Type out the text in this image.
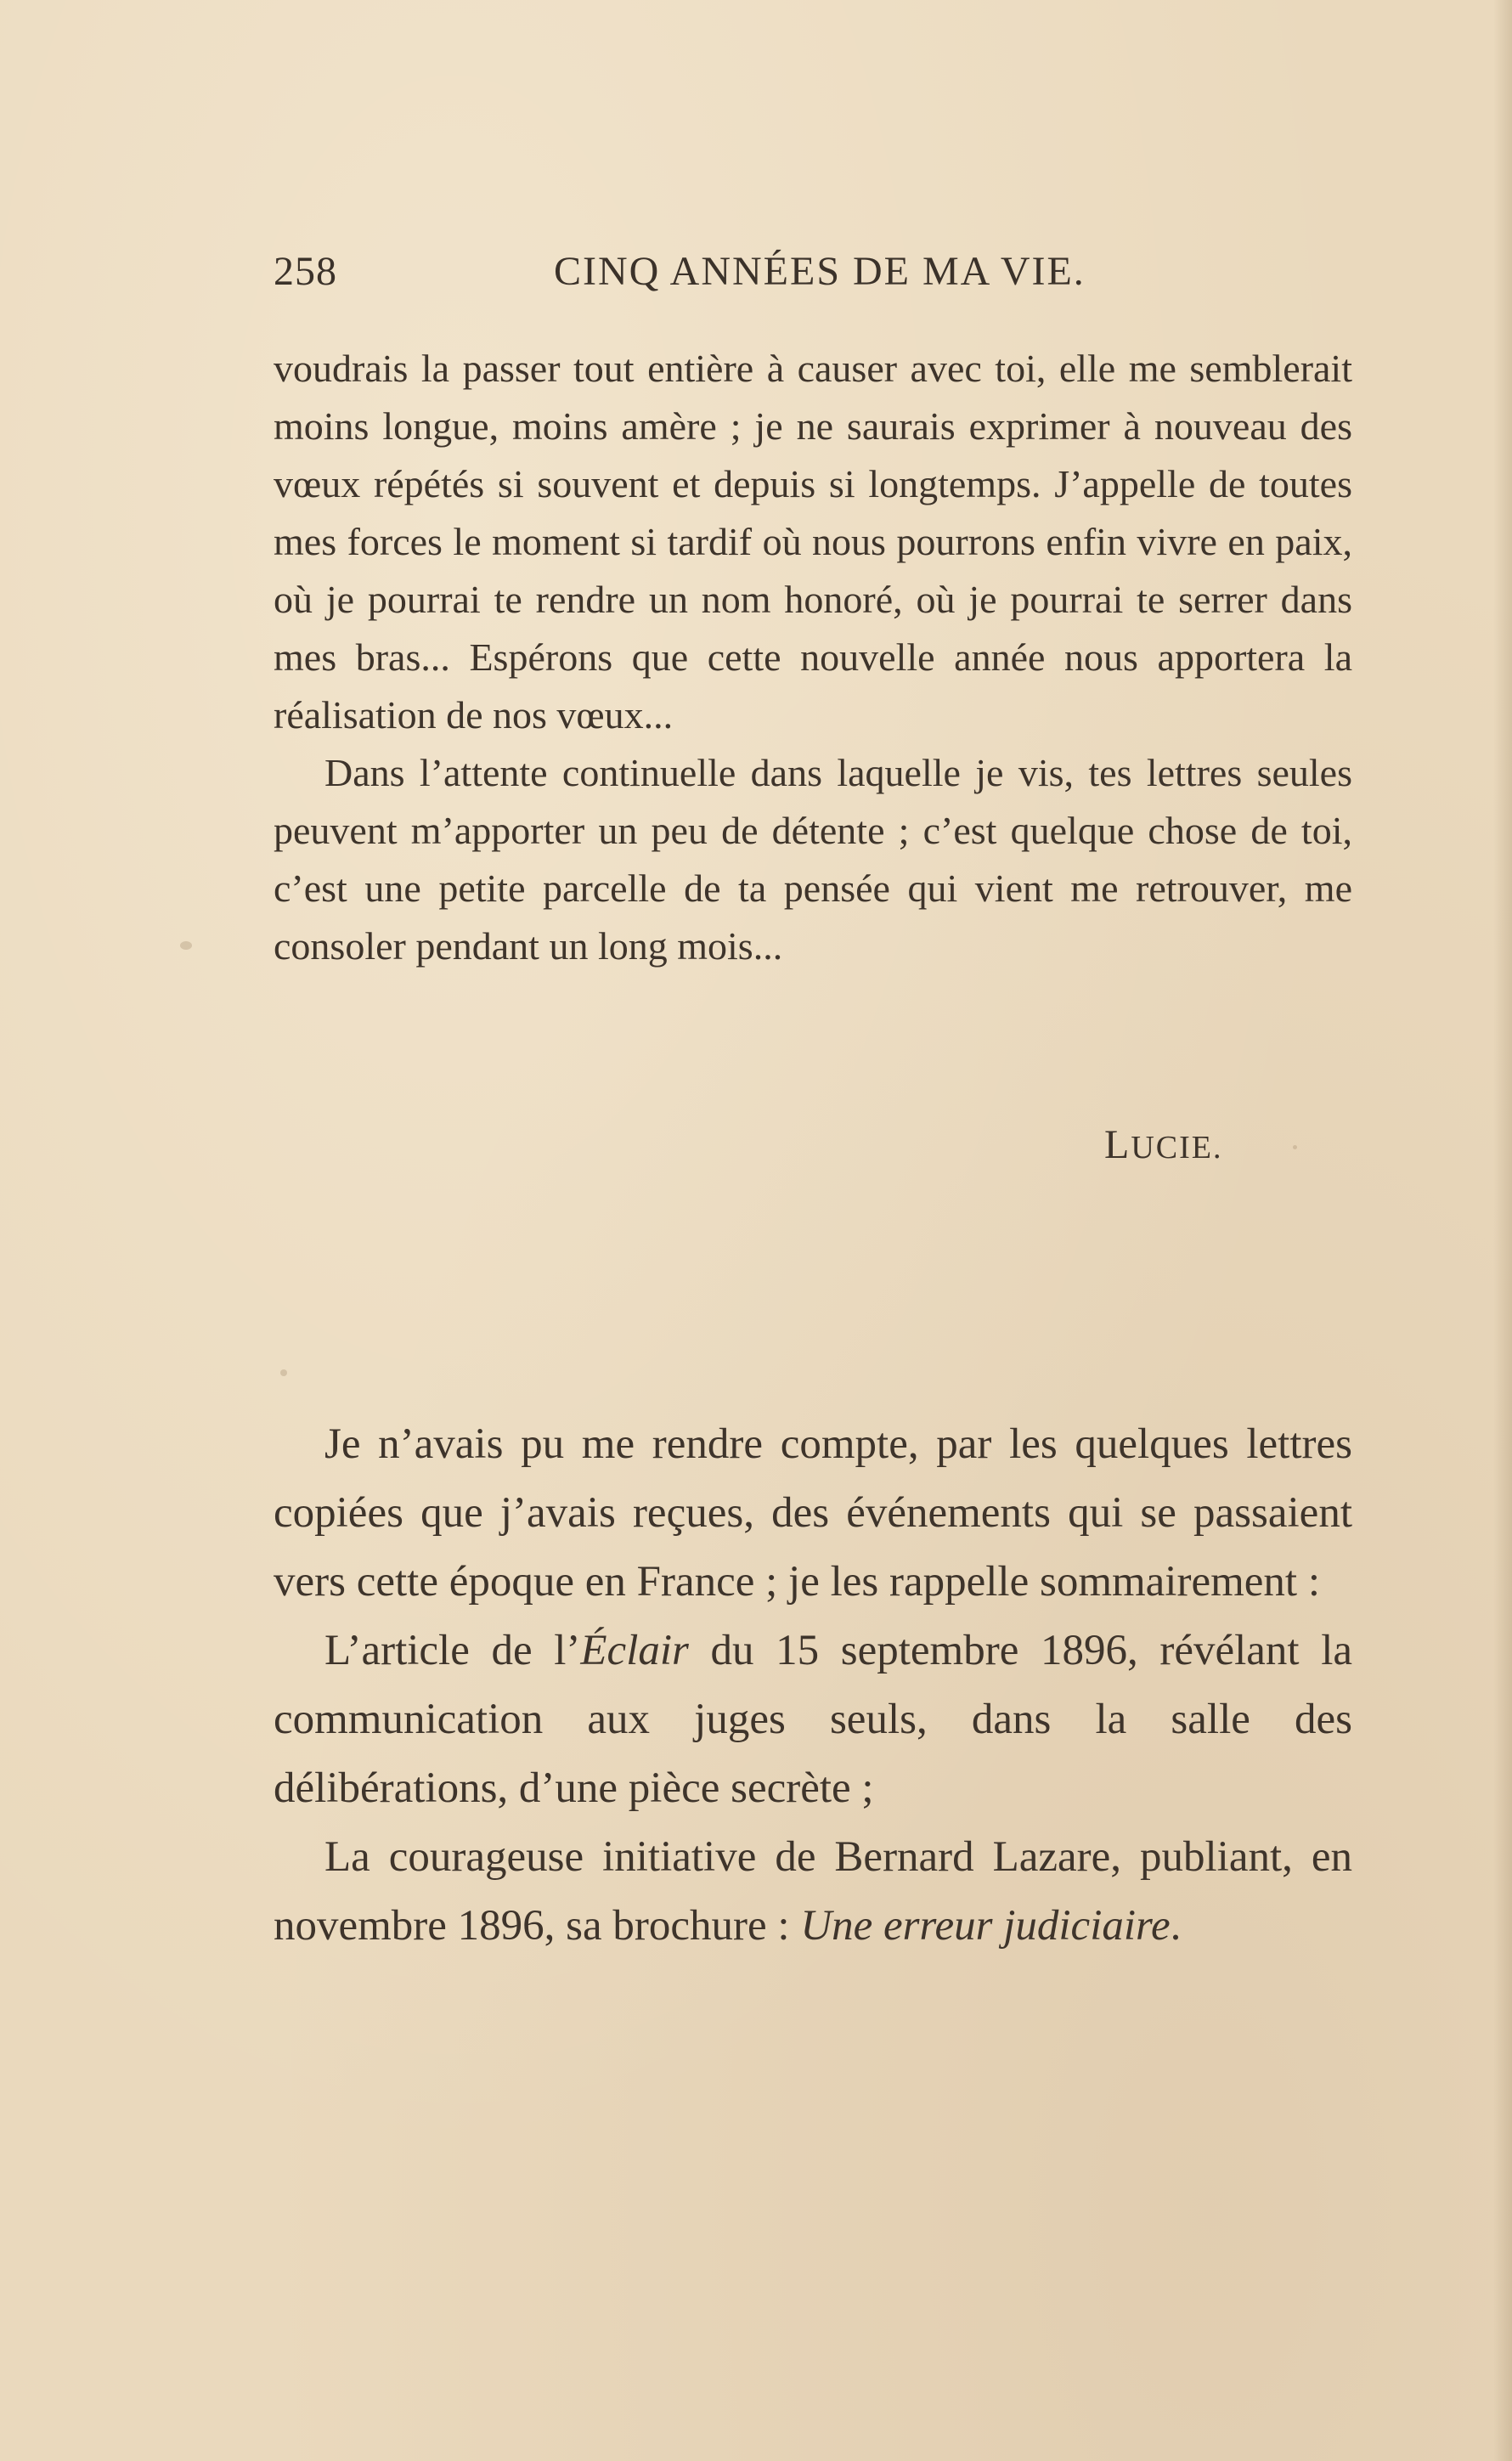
258	CINQ ANNÉES DE MA VIE.

voudrais la passer tout entière à causer avec toi, elle me semblerait moins longue, moins amère ; je ne saurais exprimer à nouveau des vœux répétés si souvent et depuis si longtemps. J’appelle de toutes mes forces le moment si tardif où nous pourrons enfin vivre en paix, où je pourrai te rendre un nom honoré, où je pourrai te serrer dans mes bras... Espérons que cette nouvelle année nous apportera la réalisation de nos vœux...

Dans l’attente continuelle dans laquelle je vis, tes lettres seules peuvent m’apporter un peu de détente ; c’est quelque chose de toi, c’est une petite parcelle de ta pensée qui vient me retrouver, me consoler pendant un long mois...

LUCIE.

Je n’avais pu me rendre compte, par les quelques lettres copiées que j’avais reçues, des événements qui se passaient vers cette époque en France ; je les rappelle sommairement :

L’article de l’Éclair du 15 septembre 1896, révélant la communication aux juges seuls, dans la salle des délibérations, d’une pièce secrète ;

La courageuse initiative de Bernard Lazare, publiant, en novembre 1896, sa brochure : Une erreur judiciaire.
